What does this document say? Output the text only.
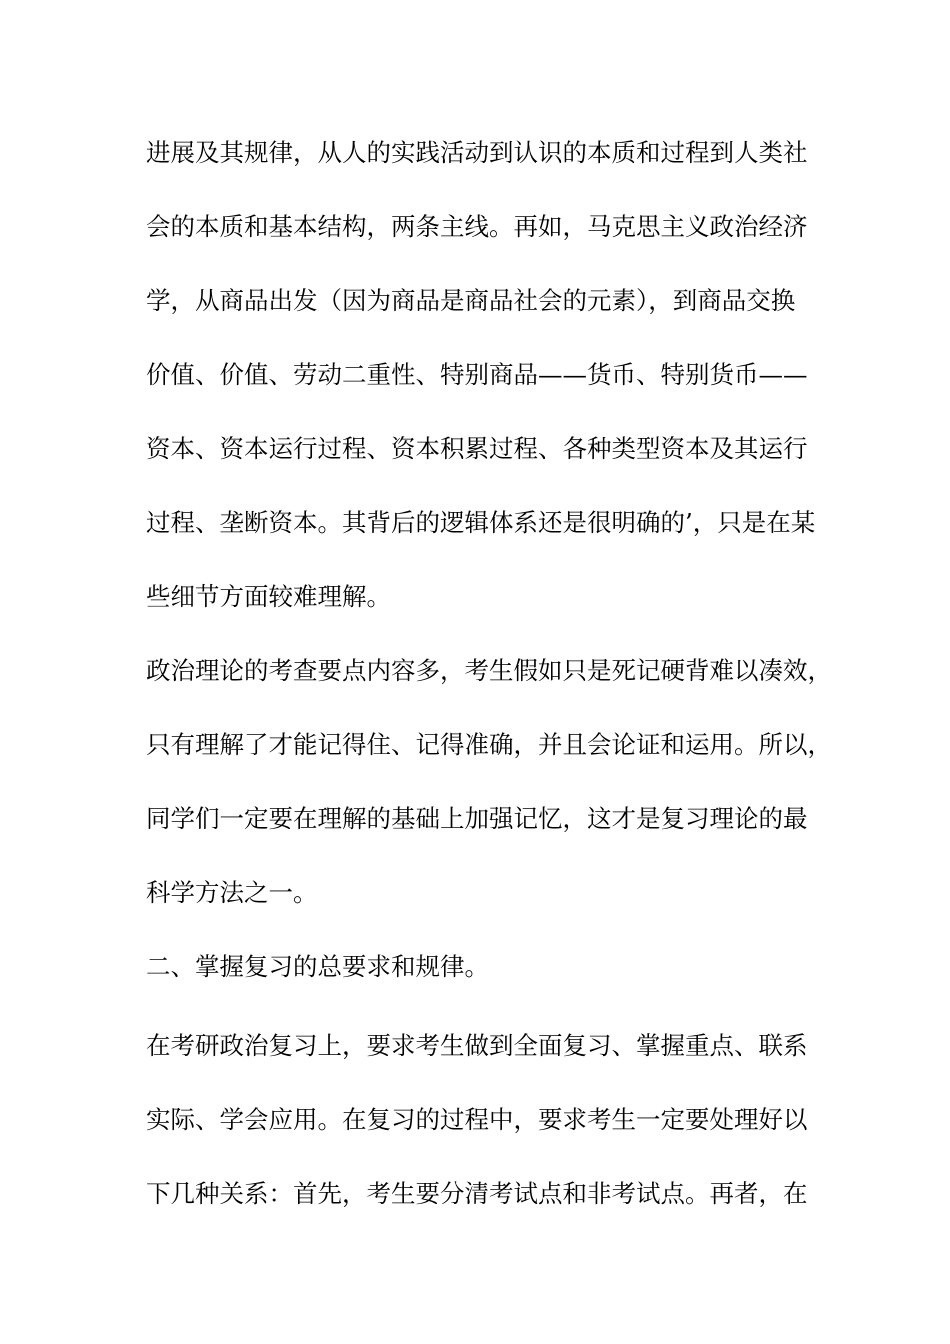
进展及其规律，从人的实践活动到认识的本质和过程到人类社
会的本质和基本结构，两条主线。再如，马克思主义政治经济
学，从商品出发（因为商品是商品社会的元素），到商品交换
价值、价值、劳动二重性、特别商品——货币、特别货币——
资本、资本运行过程、资本积累过程、各种类型资本及其运行
过程、垄断资本。其背后的逻辑体系还是很明确的’，只是在某
些细节方面较难理解。
政治理论的考查要点内容多，考生假如只是死记硬背难以凑效，
只有理解了才能记得住、记得准确，并且会论证和运用。所以，
同学们一定要在理解的基础上加强记忆，这才是复习理论的最
科学方法之一。
二、掌握复习的总要求和规律。
在考研政治复习上，要求考生做到全面复习、掌握重点、联系
实际、学会应用。在复习的过程中，要求考生一定要处理好以
下几种关系：首先，考生要分清考试点和非考试点。再者，在
